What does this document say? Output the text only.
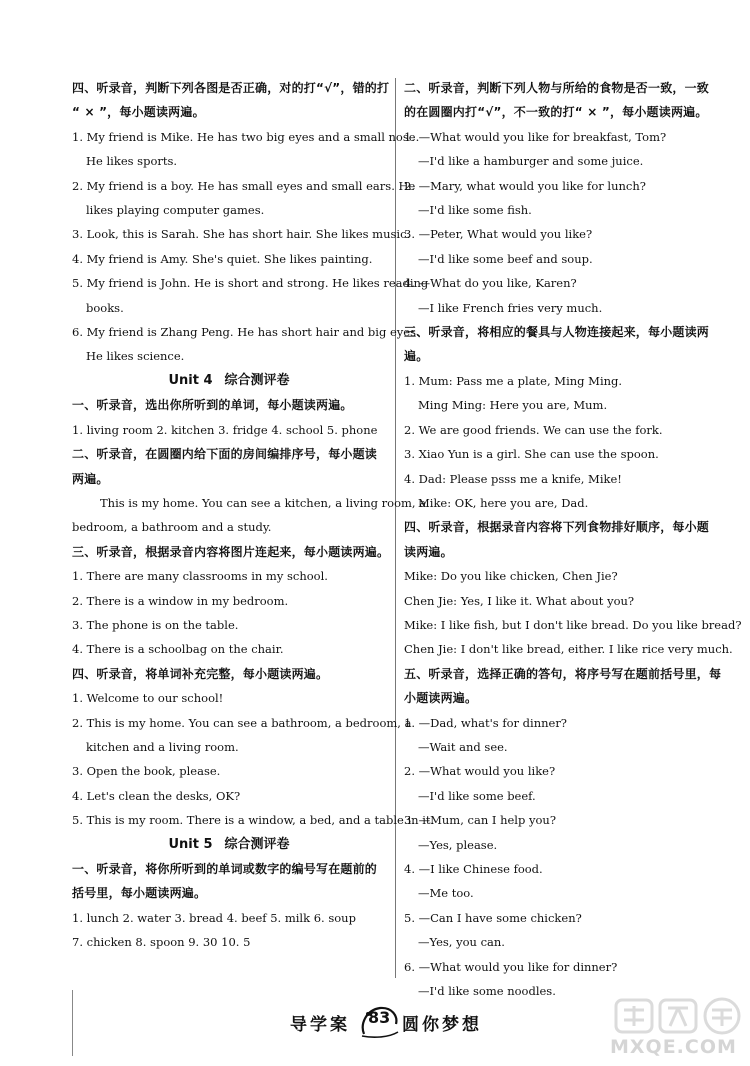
四、听录音，判断下列各图是否正确，对的打“√”，错的打
“ × ”，每小题读两遍。
1. My friend is Mike. He has two big eyes and a small nose.
He likes sports.
2. My friend is a boy. He has small eyes and small ears. He
likes playing computer games.
3. Look, this is Sarah. She has short hair. She likes music.
4. My friend is Amy. She's quiet. She likes painting.
5. My friend is John. He is short and strong. He likes reading
books.
6. My friend is Zhang Peng. He has short hair and big eyes.
He likes science.
Unit 4 综合测评卷
一、听录音，选出你所听到的单词，每小题读两遍。
1. living room 2. kitchen 3. fridge 4. school 5. phone
二、听录音，在圆圈内给下面的房间编排序号，每小题读
两遍。
This is my home. You can see a kitchen, a living room, a
bedroom, a bathroom and a study.
三、听录音，根据录音内容将图片连起来，每小题读两遍。
1. There are many classrooms in my school.
2. There is a window in my bedroom.
3. The phone is on the table.
4. There is a schoolbag on the chair.
四、听录音，将单词补充完整，每小题读两遍。
1. Welcome to our school!
2. This is my home. You can see a bathroom, a bedroom, a
kitchen and a living room.
3. Open the book, please.
4. Let's clean the desks, OK?
5. This is my room. There is a window, a bed, and a table in it.
Unit 5 综合测评卷
一、听录音，将你所听到的单词或数字的编号写在题前的
括号里，每小题读两遍。
1. lunch 2. water 3. bread 4. beef 5. milk 6. soup
7. chicken 8. spoon 9. 30 10. 5
二、听录音，判断下列人物与所给的食物是否一致，一致
的在圆圈内打“√”，不一致的打“ × ”，每小题读两遍。
1. —What would you like for breakfast, Tom?
—I'd like a hamburger and some juice.
2. —Mary, what would you like for lunch?
—I'd like some fish.
3. —Peter, What would you like?
—I'd like some beef and soup.
4. —What do you like, Karen?
—I like French fries very much.
三、听录音，将相应的餐具与人物连接起来，每小题读两
遍。
1. Mum: Pass me a plate, Ming Ming.
Ming Ming: Here you are, Mum.
2. We are good friends. We can use the fork.
3. Xiao Yun is a girl. She can use the spoon.
4. Dad: Please psss me a knife, Mike!
Mike: OK, here you are, Dad.
四、听录音，根据录音内容将下列食物排好顺序，每小题
读两遍。
Mike: Do you like chicken, Chen Jie?
Chen Jie: Yes, I like it. What about you?
Mike: I like fish, but I don't like bread. Do you like bread?
Chen Jie: I don't like bread, either. I like rice very much.
五、听录音，选择正确的答句，将序号写在题前括号里，每
小题读两遍。
1. —Dad, what's for dinner?
—Wait and see.
2. —What would you like?
—I'd like some beef.
3. —Mum, can I help you?
—Yes, please.
4. —I like Chinese food.
—Me too.
5. —Can I have some chicken?
—Yes, you can.
6. —What would you like for dinner?
—I'd like some noodles.
导学案 83 圆你梦想
MXQE.COM
